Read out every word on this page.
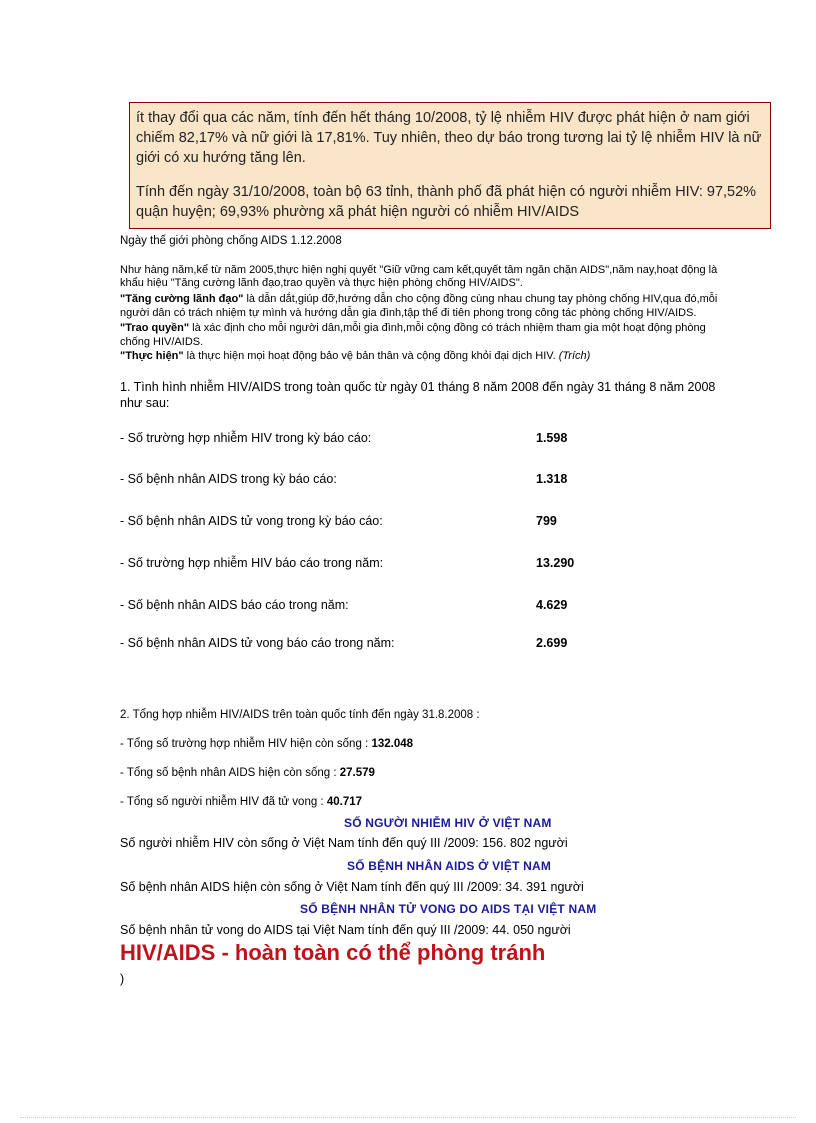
ít thay đổi qua các năm, tính đến hết tháng 10/2008, tỷ lệ nhiễm HIV được phát hiện ở nam giới chiếm 82,17% và nữ giới là 17,81%. Tuy nhiên, theo dự báo trong tương lai tỷ lệ nhiễm HIV là nữ giới có xu hướng tăng lên.

Tính đến ngày 31/10/2008, toàn bộ 63 tỉnh, thành phố đã phát hiện có người nhiễm HIV: 97,52% quận huyện; 69,93% phường xã phát hiện người có nhiễm HIV/AIDS

Ngày thế giới phòng chống AIDS 1.12.2008
Như hàng năm,kể từ năm 2005,thực hiện nghị quyết "Giữ vững cam kết,quyết tâm ngăn chặn AIDS",năm nay,hoạt động là
khẩu hiệu "Tăng cường lãnh đạo,trao quyền và thực hiện phòng chống HIV/AIDS".
"Tăng cường lãnh đạo" là dẫn dắt,giúp đỡ,hướng dẫn cho cộng đồng cùng nhau chung tay phòng chống HIV,qua đó,mỗi
người dân có trách nhiệm tự mình và hướng dẫn gia đình,tập thể đi tiên phong trong công tác phòng chống HIV/AIDS.
"Trao quyền" là xác định cho mỗi người dân,mỗi gia đình,mỗi cộng đồng có trách nhiệm tham gia một hoạt động phòng
chống HIV/AIDS.
"Thực hiện" là thực hiện mọi hoạt động bảo vệ bản thân và cộng đồng khỏi đại dịch HIV. (Trích)
1. Tình hình nhiễm HIV/AIDS trong toàn quốc từ ngày 01 tháng 8 năm 2008 đến ngày 31 tháng 8 năm 2008
như sau:
- Số trường hợp nhiễm HIV trong kỳ báo cáo:	1.598
- Số bệnh nhân AIDS trong kỳ báo cáo:	1.318
- Số bệnh nhân AIDS tử vong trong kỳ báo cáo:	799
- Số trường hợp nhiễm HIV báo cáo trong năm:	13.290
- Số bệnh nhân AIDS báo cáo trong năm:	4.629
- Số bệnh nhân AIDS tử vong báo cáo trong năm:	2.699
2. Tổng hợp nhiễm HIV/AIDS trên toàn quốc tính đến ngày 31.8.2008 :
- Tổng số trường hợp nhiễm HIV hiện còn sống : 132.048
- Tổng số bệnh nhân AIDS hiện còn sống : 27.579
- Tổng số người nhiễm HIV đã tử vong : 40.717
SỐ NGƯỜI NHIỄM HIV Ở VIỆT NAM
Số người nhiễm HIV còn sống ở Việt Nam tính đến quý III /2009: 156. 802 người
SỐ BỆNH NHÂN AIDS Ở VIỆT NAM
Số bệnh nhân AIDS hiện còn sống ở Việt Nam tính đến quý III /2009: 34. 391 người
SỐ BỆNH NHÂN TỬ VONG DO AIDS TẠI VIỆT NAM
Số bệnh nhân tử vong do AIDS tại Việt Nam tính đến quý III /2009: 44. 050 người
HIV/AIDS - hoàn toàn có thể phòng tránh
)
